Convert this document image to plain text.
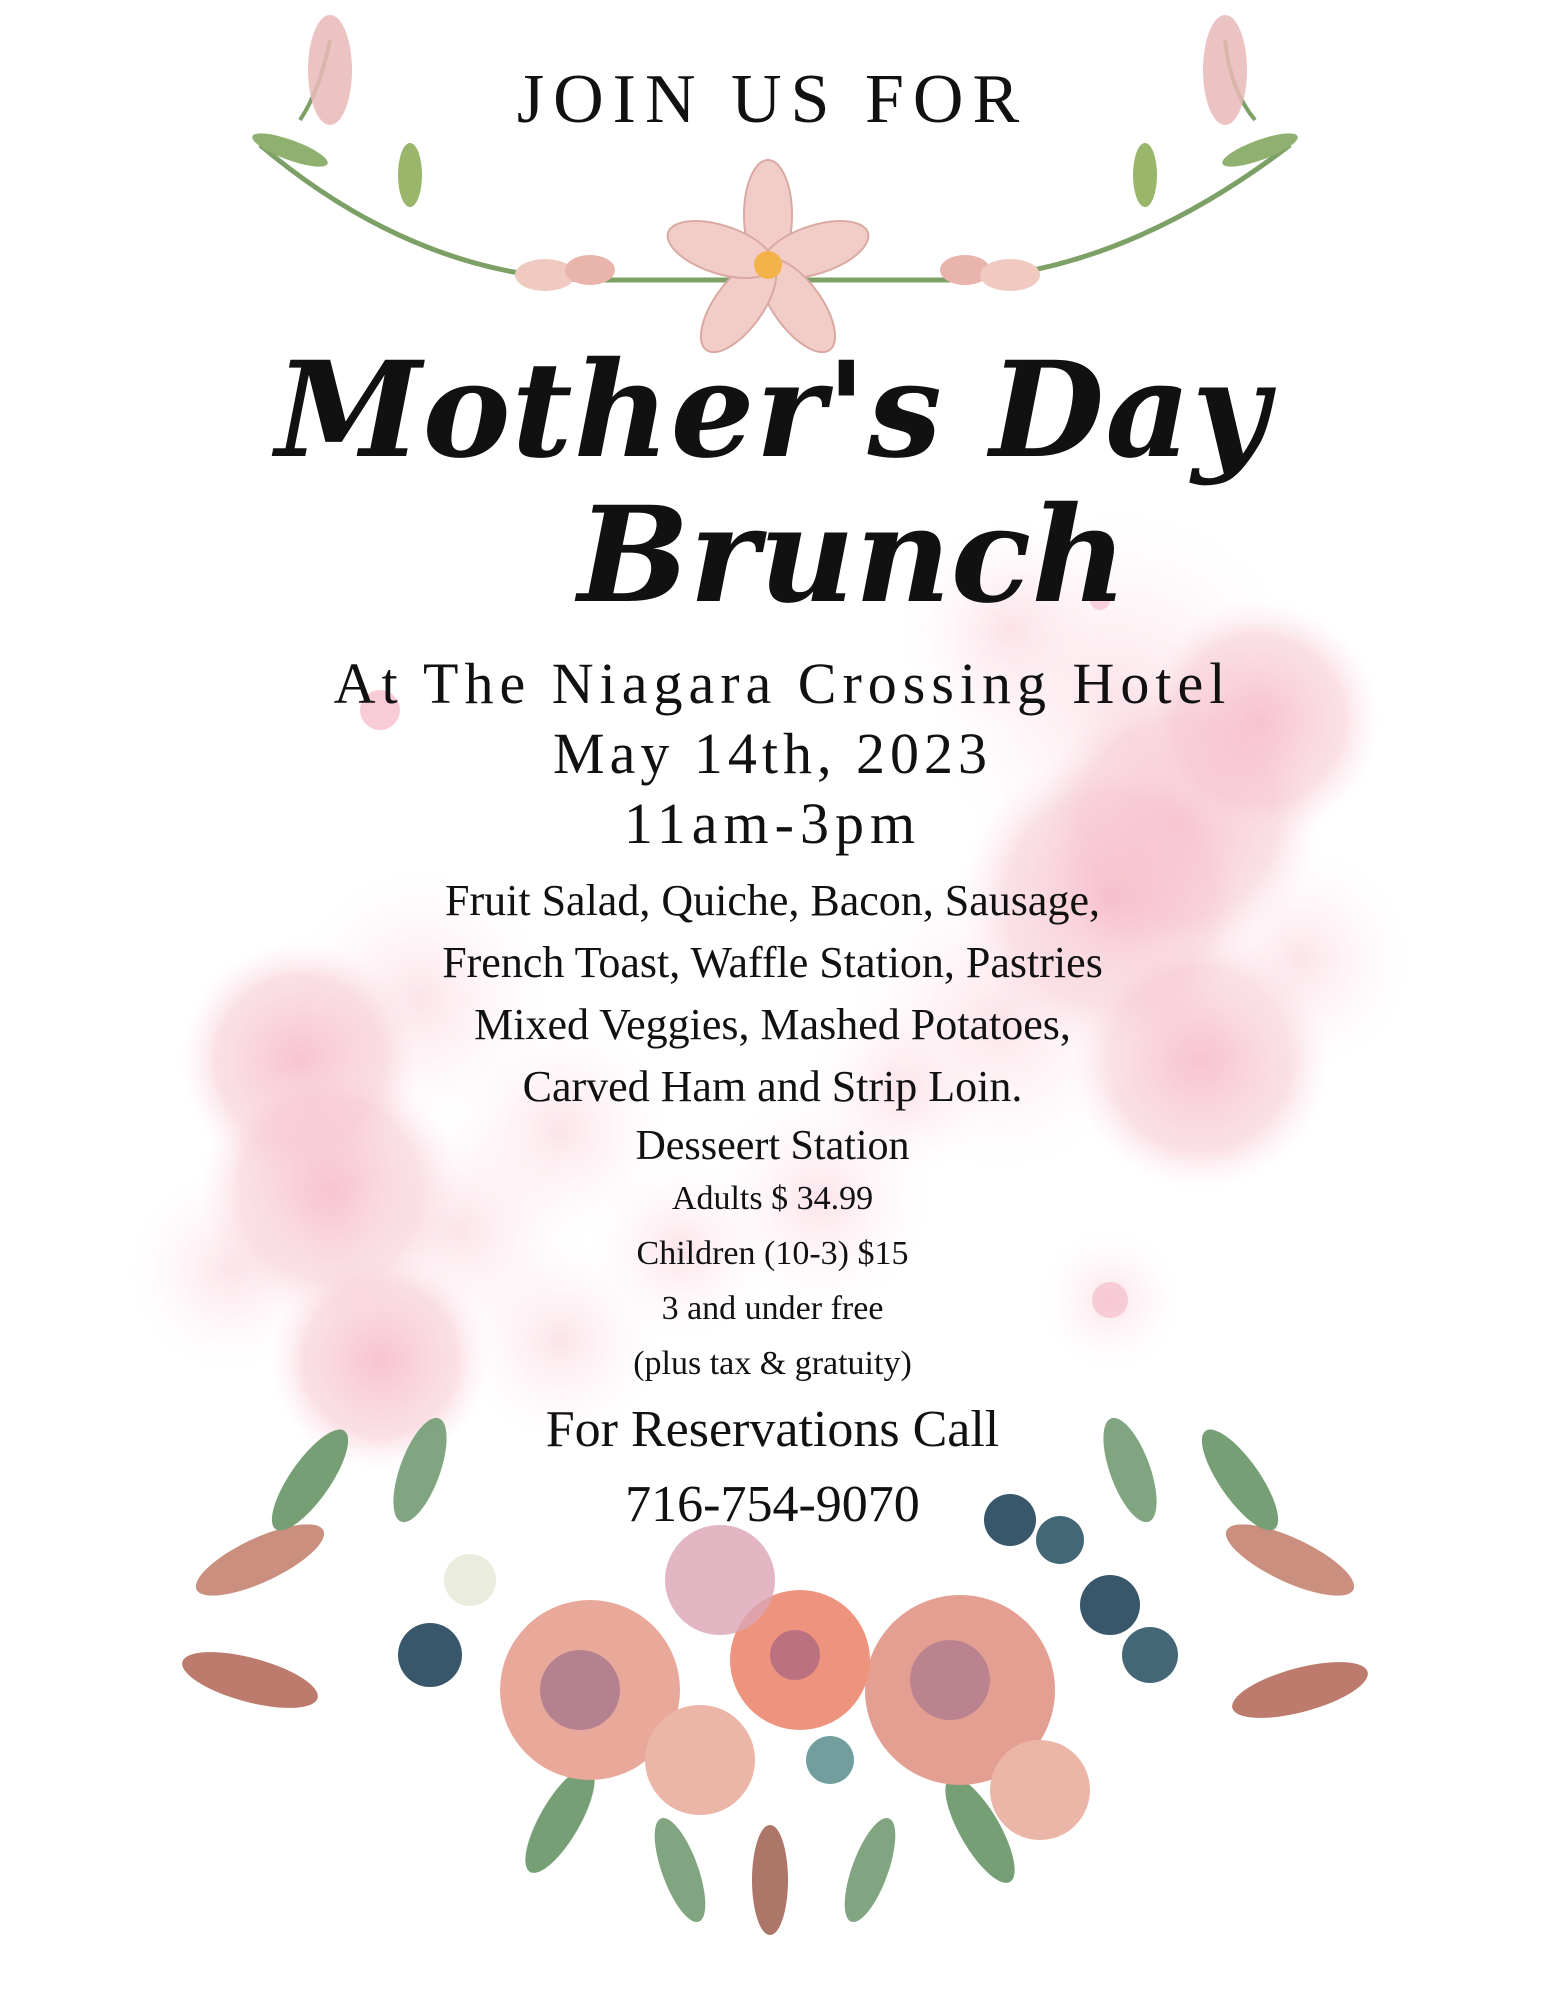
JOIN US FOR
Mother's Day
Brunch
At The Niagara Crossing Hotel
May 14th, 2023
11am-3pm
Fruit Salad, Quiche, Bacon, Sausage,
French Toast, Waffle Station, Pastries
Mixed Veggies, Mashed Potatoes,
Carved Ham and Strip Loin.
Desseert Station
Adults $ 34.99
Children (10-3) $15
3 and under free
(plus tax & gratuity)
For Reservations Call
716-754-9070
